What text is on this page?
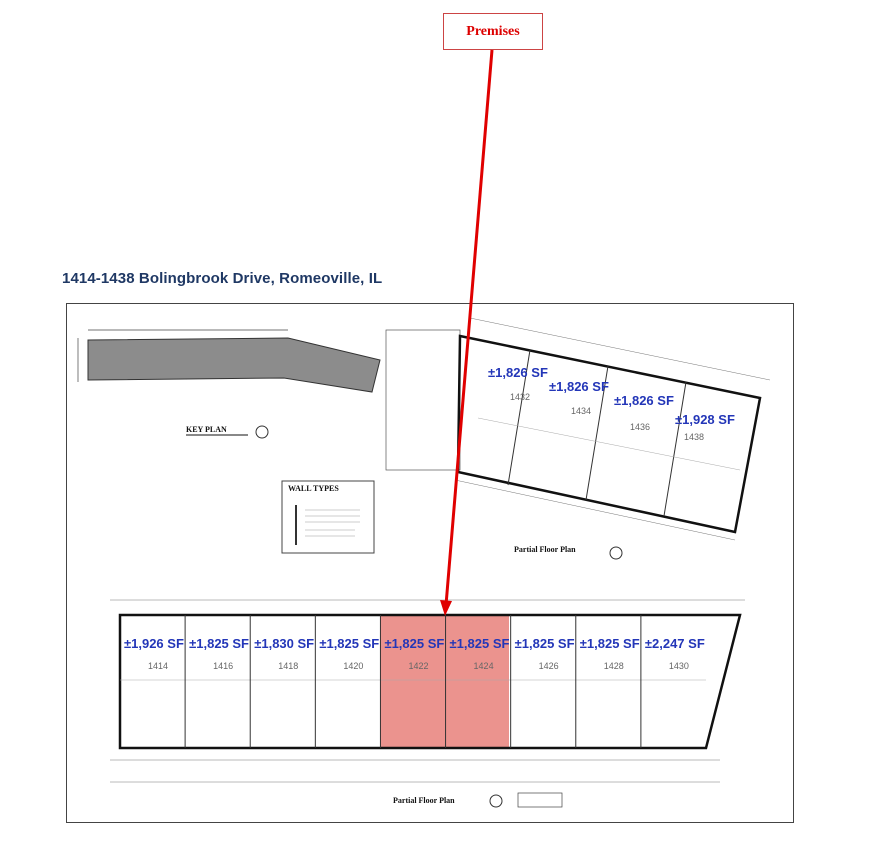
Premises
1414-1438 Bolingbrook Drive, Romeoville, IL
KEY PLAN
WALL TYPES
Partial Floor Plan
±1,826 SF
1432
±1,826 SF
1434
±1,826 SF
1436 ±1,928 SF
1438
Partial Floor Plan
±1,926 SF
1414
±1,825 SF
1416
±1,830 SF
1418
±1,825 SF
1420
±1,825 SF
1422
±1,825 SF
1424
±1,825 SF
1426
±1,825 SF
1428
±2,247 SF
1430
